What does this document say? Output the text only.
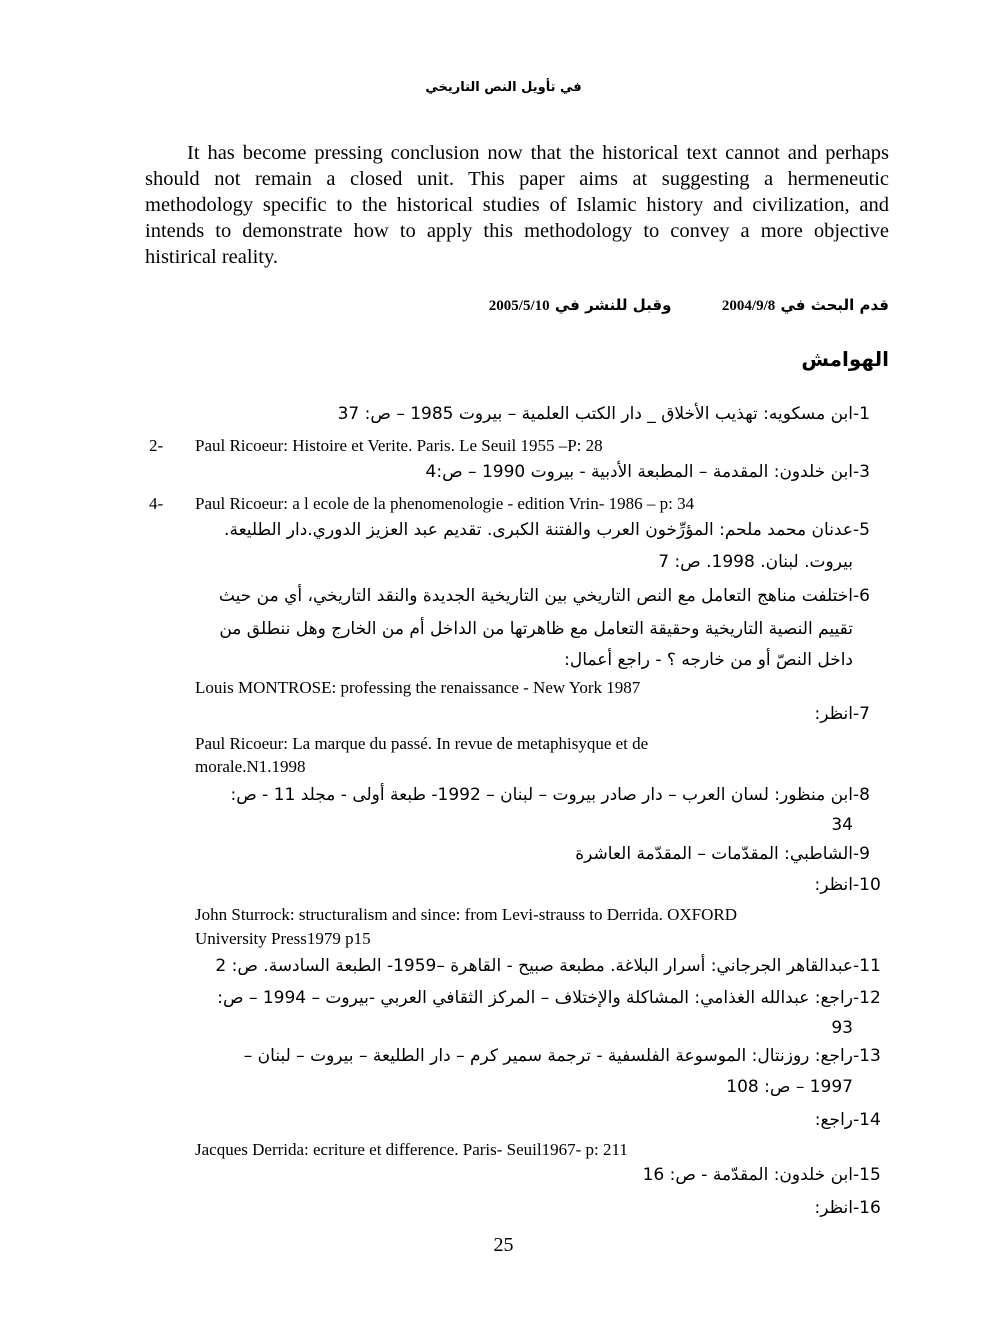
في تأويل النص التاريخي

It has become pressing conclusion now that the historical text cannot and perhaps should not remain a closed unit. This paper aims at suggesting a hermeneutic methodology specific to the historical studies of Islamic history and civilization, and intends to demonstrate how to apply this methodology to convey a more objective histirical reality.

قدم البحث في 2004/9/8  وقبل للنشر في 2005/5/10
الهوامش
-1ابن مسكويه: تهذيب الأخلاق _ دار الكتب العلمية – بيروت 1985 – ص: 37
2- Paul Ricoeur: Histoire et Verite. Paris. Le Seuil 1955 –P: 28
-3ابن خلدون: المقدمة – المطبعة الأدبية - بيروت 1990 – ص:4
4- Paul Ricoeur: a l ecole de la phenomenologie - edition Vrin- 1986 – p: 34
-5عدنان محمد ملحم: المؤرِّخون العرب والفتنة الكبرى. تقديم عبد العزيز الدوري.دار الطليعة.
بيروت. لبنان. 1998. ص: 7
-6اختلفت مناهج التعامل مع النص التاريخي بين التاريخية الجديدة والنقد التاريخي، أي من حيث
تقييم النصية التاريخية وحقيقة التعامل مع ظاهرتها من الداخل أم من الخارج وهل ننطلق من
داخل النصّ أو من خارجه ؟ - راجع أعمال:
Louis MONTROSE: professing the renaissance - New York 1987
-7انظر:
Paul Ricoeur: La marque du passé. In revue de metaphisyque et de
morale.N1.1998
-8ابن منظور: لسان العرب – دار صادر بيروت – لبنان – 1992- طبعة أولى - مجلد 11 - ص:
34
-9الشاطبي: المقدّمات – المقدّمة العاشرة
-10انظر:
John Sturrock: structuralism and since: from Levi-strauss to Derrida. OXFORD
University Press1979 p15
-11عبدالقاهر الجرجاني: أسرار البلاغة. مطبعة صبيح - القاهرة –1959- الطبعة السادسة. ص: 2
-12راجع: عبدالله الغذامي: المشاكلة والإختلاف – المركز الثقافي العربي -بيروت – 1994 – ص:
93
-13راجع: روزنتال: الموسوعة الفلسفية - ترجمة سمير كرم – دار الطليعة – بيروت – لبنان –
1997 – ص: 108
-14راجع:
Jacques Derrida: ecriture et difference. Paris- Seuil1967- p: 211
-15ابن خلدون: المقدّمة - ص: 16
-16انظر:
25
